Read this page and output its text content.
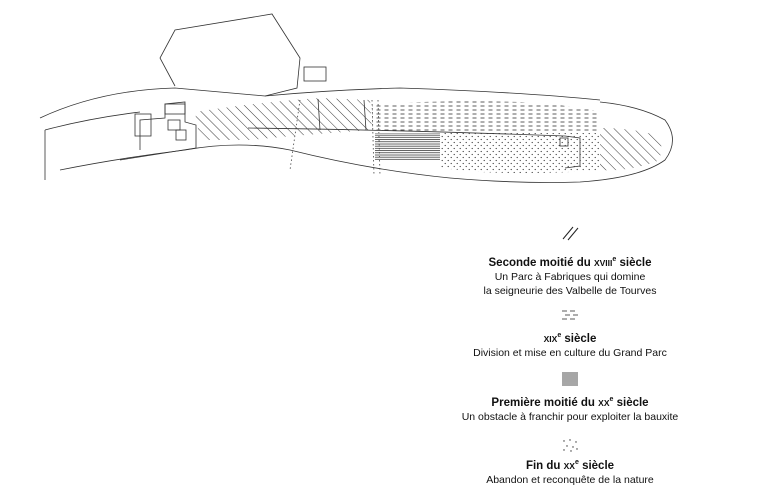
Seconde moitié du XVIIIe siècle
Un Parc à Fabriques qui domine
la seigneurie des Valbelle de Tourves
XIXe siècle
Division et mise en culture du Grand Parc
Première moitié du XXe siècle
Un obstacle à franchir pour exploiter la bauxite
Fin du XXe siècle
Abandon et reconquête de la nature
